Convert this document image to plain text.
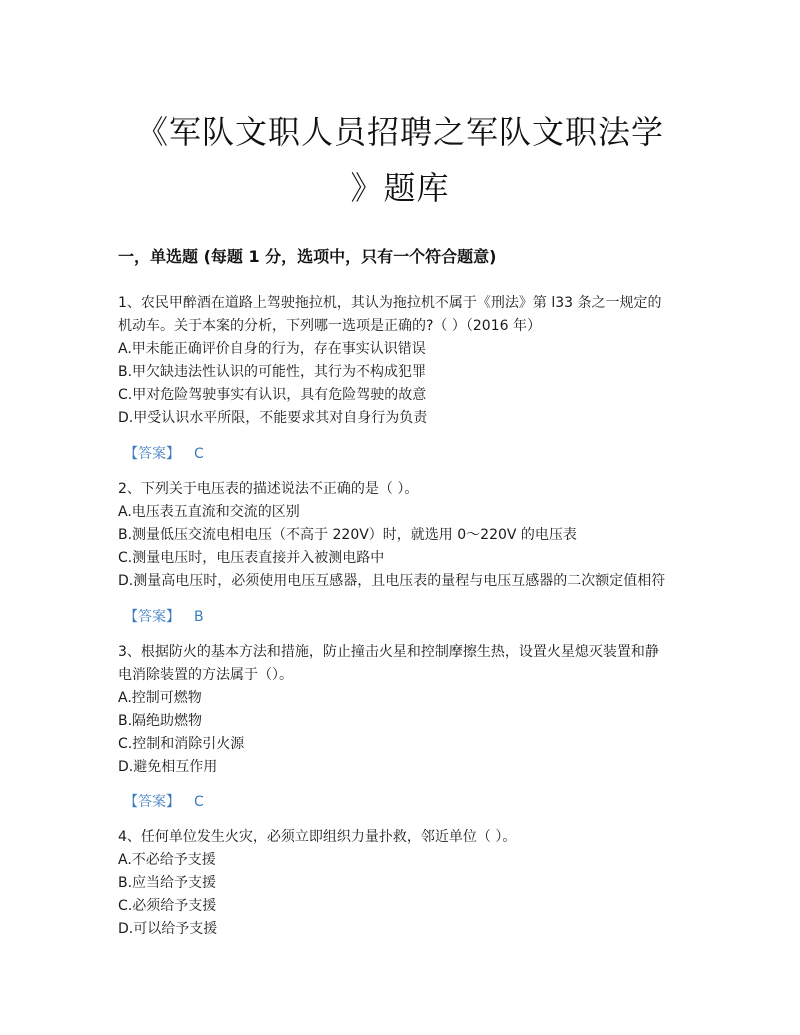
《军队文职人员招聘之军队文职法学
》题库
一，单选题 (每题 1 分，选项中，只有一个符合题意)

1、农民甲醉酒在道路上驾驶拖拉机，其认为拖拉机不属于《刑法》第 l33 条之一规定的

机动车。关于本案的分析，下列哪一选项是正确的?（ ）（2016 年）

A.甲未能正确评价自身的行为，存在事实认识错误

B.甲欠缺违法性认识的可能性，其行为不构成犯罪

C.甲对危险驾驶事实有认识，具有危险驾驶的故意

D.甲受认识水平所限，不能要求其对自身行为负责

【答案】 C

2、下列关于电压表的描述说法不正确的是（ ）。

A.电压表五直流和交流的区别

B.测量低压交流电相电压（不高于 220V）时，就选用 0～220V 的电压表

C.测量电压时，电压表直接并入被测电路中

D.测量高电压时，必须使用电压互感器，且电压表的量程与电压互感器的二次额定值相符

【答案】 B

3、根据防火的基本方法和措施，防止撞击火星和控制摩擦生热，设置火星熄灭装置和静

电消除装置的方法属于（）。

A.控制可燃物

B.隔绝助燃物

C.控制和消除引火源

D.避免相互作用

【答案】 C

4、任何单位发生火灾，必须立即组织力量扑救，邻近单位（ ）。

A.不必给予支援

B.应当给予支援

C.必须给予支援

D.可以给予支援
